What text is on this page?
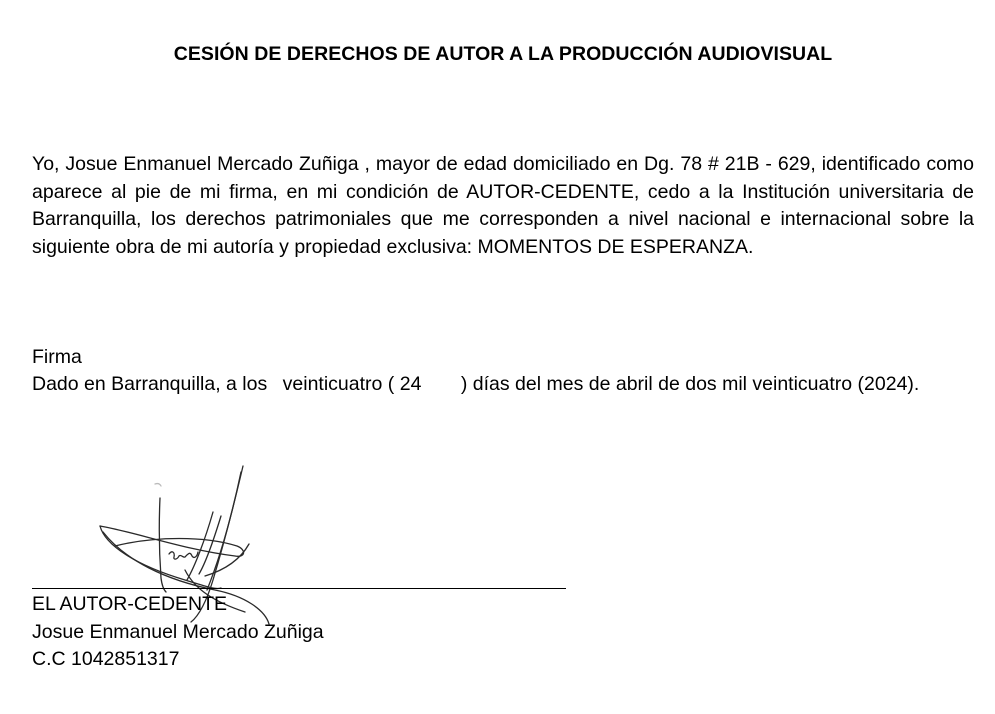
CESIÓN DE DERECHOS DE AUTOR A LA PRODUCCIÓN AUDIOVISUAL

Yo, Josue Enmanuel Mercado Zuñiga , mayor de edad domiciliado en Dg. 78 # 21B - 629, identificado como aparece al pie de mi firma, en mi condición de AUTOR-CEDENTE, cedo a la Institución universitaria de Barranquilla, los derechos patrimoniales que me corresponden a nivel nacional e internacional sobre la siguiente obra de mi autoría y propiedad exclusiva: MOMENTOS DE ESPERANZA.

Firma

Dado en Barranquilla, a los veinticuatro ( 24 ) días del mes de abril de dos mil veinticuatro (2024).

EL AUTOR-CEDENTE
Josue Enmanuel Mercado Zuñiga
C.C 1042851317
